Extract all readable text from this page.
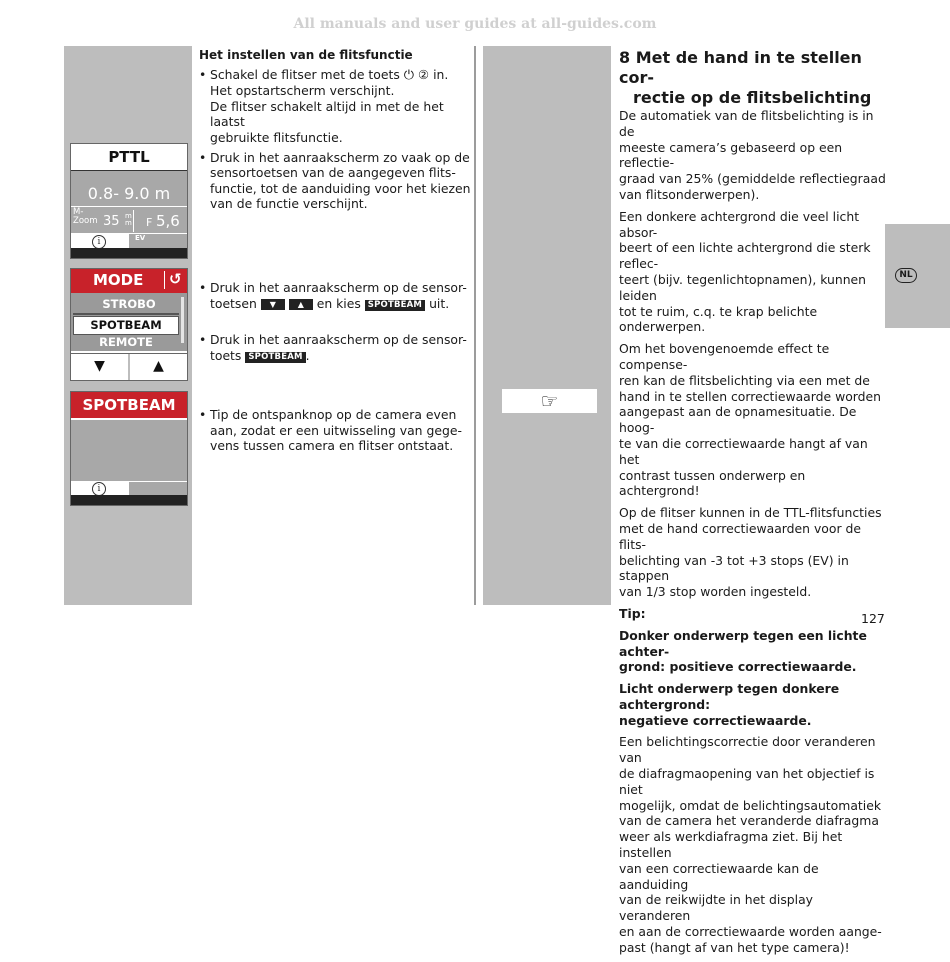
All manuals and user guides at all-guides.com
PTTL
0.8- 9.0 m
M-
Zoom 35 m
m F 5,6
i	EV
MODE ↺
STROBO
SPOTBEAM
REMOTE
▼	▲
SPOTBEAM
i
Het instellen van de flitsfunctie
• Schakel de flitser met de toets ⏻ ② in.
Het opstartscherm verschijnt.
De flitser schakelt altijd in met de het laatst
gebruikte flitsfunctie.
• Druk in het aanraakscherm zo vaak op de
sensortoetsen van de aangegeven flits-
functie, tot de aanduiding voor het kiezen
van de functie verschijnt.
• Druk in het aanraakscherm op de sensor-
toetsen ▼	▲ en kies SPOTBEAM uit.
• Druk in het aanraakscherm op de sensor-
toets SPOTBEAM .
• Tip de ontspanknop op de camera even
aan, zodat er een uitwisseling van gege-
vens tussen camera en flitser ontstaat.
☞
8 Met de hand in te stellen cor-
rectie op de flitsbelichting
De automatiek van de flitsbelichting is in de
meeste camera’s gebaseerd op een reflectie-
graad van 25% (gemiddelde reflectiegraad
van flitsonderwerpen).
Een donkere achtergrond die veel licht absor-
beert of een lichte achtergrond die sterk reflec-
teert (bijv. tegenlichtopnamen), kunnen leiden
tot te ruim, c.q. te krap belichte onderwerpen.
Om het bovengenoemde effect te compense-
ren kan de flitsbelichting via een met de
hand in te stellen correctiewaarde worden
aangepast aan de opnamesituatie. De hoog-
te van die correctiewaarde hangt af van het
contrast tussen onderwerp en achtergrond!
Op de flitser kunnen in de TTL-flitsfuncties
met de hand correctiewaarden voor de flits-
belichting van -3 tot +3 stops (EV) in stappen
van 1/3 stop worden ingesteld.
Tip:
Donker onderwerp tegen een lichte achter-
grond: positieve correctiewaarde.
Licht onderwerp tegen donkere achtergrond:
negatieve correctiewaarde.
Een belichtingscorrectie door veranderen van
de diafragmaopening van het objectief is niet
mogelijk, omdat de belichtingsautomatiek
van de camera het veranderde diafragma
weer als werkdiafragma ziet. Bij het instellen
van een correctiewaarde kan de aanduiding
van de reikwijdte in het display veranderen
en aan de correctiewaarde worden aange-
past (hangt af van het type camera)!
NL
127
